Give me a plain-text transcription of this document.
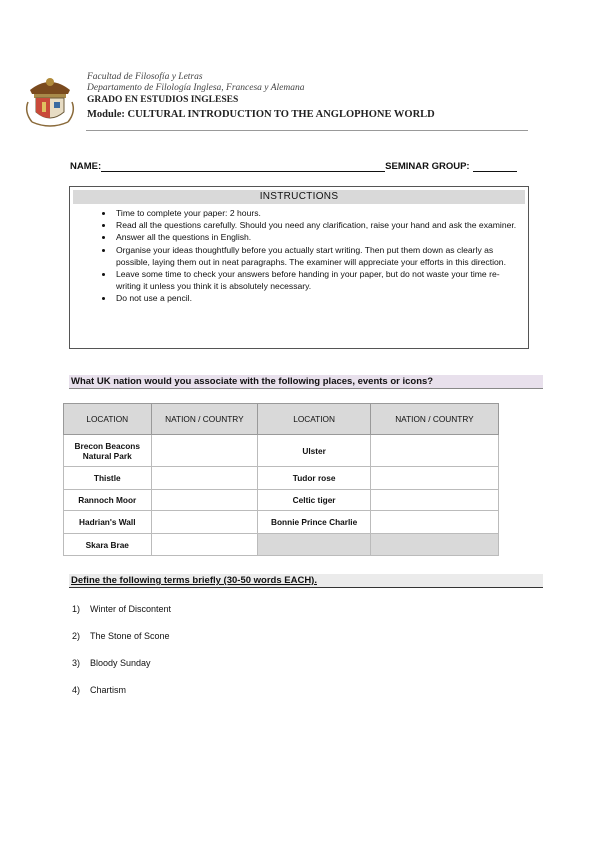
Facultad de Filosofía y Letras
Departamento de Filología Inglesa, Francesa y Alemana
GRADO EN ESTUDIOS INGLESES
Module: CULTURAL INTRODUCTION TO THE ANGLOPHONE WORLD
NAME:	SEMINAR GROUP:
INSTRUCTIONS
• Time to complete your paper: 2 hours.
• Read all the questions carefully. Should you need any clarification, raise your hand and ask the examiner.
• Answer all the questions in English.
• Organise your ideas thoughtfully before you actually start writing. Then put them down as clearly as possible, laying them out in neat paragraphs. The examiner will appreciate your efforts in this direction.
• Leave some time to check your answers before handing in your paper, but do not waste your time re-writing it unless you think it is absolutely necessary.
• Do not use a pencil.
What UK nation would you associate with the following places, events or icons?
LOCATION	NATION / COUNTRY	LOCATION	NATION / COUNTRY
Brecon Beacons Natural Park		Ulster	
Thistle		Tudor rose	
Rannoch Moor		Celtic tiger	
Hadrian's Wall		Bonnie Prince Charlie	
Skara Brae			
Define the following terms briefly (30-50 words EACH).
1)	Winter of Discontent
2)	The Stone of Scone
3)	Bloody Sunday
4)	Chartism
